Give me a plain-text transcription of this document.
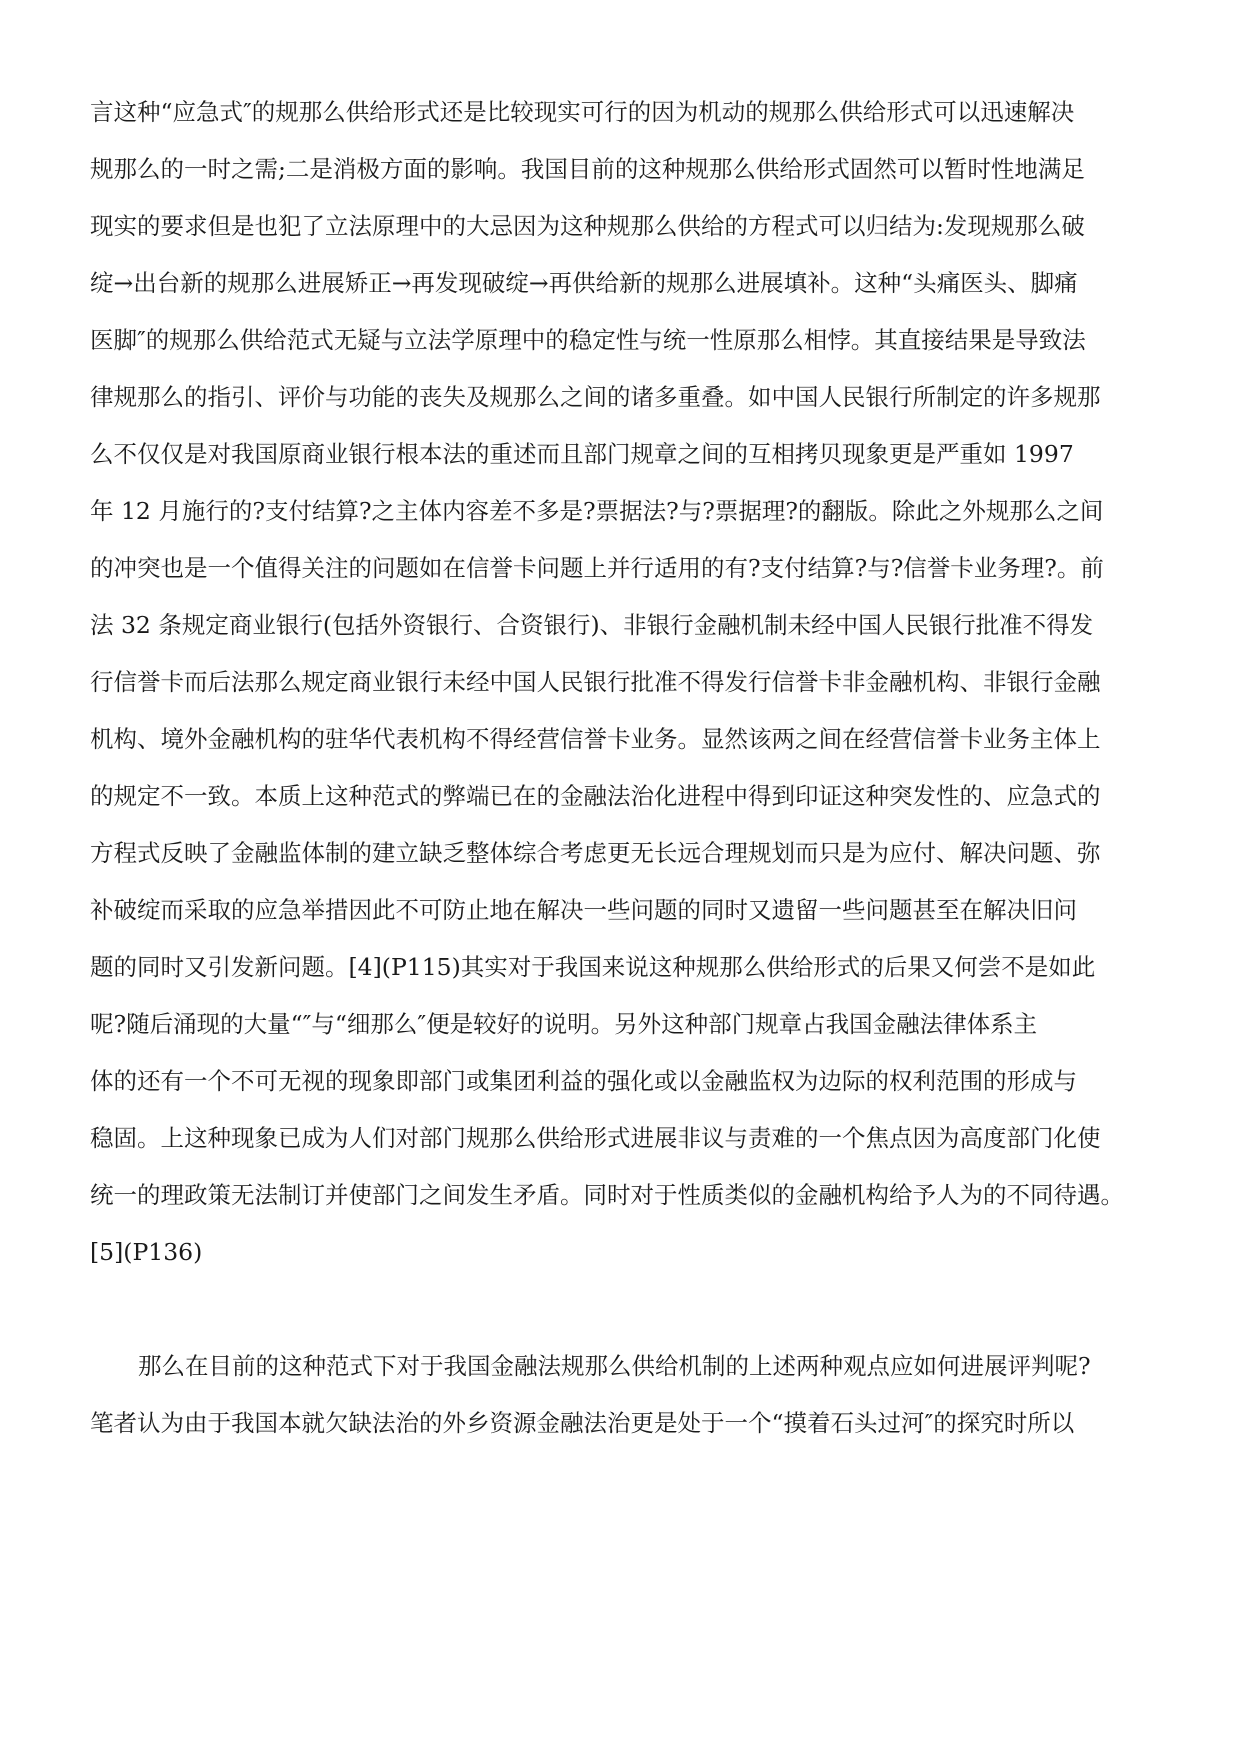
言这种“应急式″的规那么供给形式还是比较现实可行的因为机动的规那么供给形式可以迅速解决
规那么的一时之需;二是消极方面的影响。我国目前的这种规那么供给形式固然可以暂时性地满足
现实的要求但是也犯了立法原理中的大忌因为这种规那么供给的方程式可以归结为:发现规那么破
绽→出台新的规那么进展矫正→再发现破绽→再供给新的规那么进展填补。这种“头痛医头、脚痛
医脚″的规那么供给范式无疑与立法学原理中的稳定性与统一性原那么相悖。其直接结果是导致法
律规那么的指引、评价与功能的丧失及规那么之间的诸多重叠。如中国人民银行所制定的许多规那
么不仅仅是对我国原商业银行根本法的重述而且部门规章之间的互相拷贝现象更是严重如 1997
年 12 月施行的?支付结算?之主体内容差不多是?票据法?与?票据理?的翻版。除此之外规那么之间
的冲突也是一个值得关注的问题如在信誉卡问题上并行适用的有?支付结算?与?信誉卡业务理?。前
法 32 条规定商业银行(包括外资银行、合资银行)、非银行金融机制未经中国人民银行批准不得发
行信誉卡而后法那么规定商业银行未经中国人民银行批准不得发行信誉卡非金融机构、非银行金融
机构、境外金融机构的驻华代表机构不得经营信誉卡业务。显然该两之间在经营信誉卡业务主体上
的规定不一致。本质上这种范式的弊端已在的金融法治化进程中得到印证这种突发性的、应急式的
方程式反映了金融监体制的建立缺乏整体综合考虑更无长远合理规划而只是为应付、解决问题、弥
补破绽而采取的应急举措因此不可防止地在解决一些问题的同时又遗留一些问题甚至在解决旧问
题的同时又引发新问题。[4](P115)其实对于我国来说这种规那么供给形式的后果又何尝不是如此
呢?随后涌现的大量“″与“细那么″便是较好的说明。另外这种部门规章占我国金融法律体系主
体的还有一个不可无视的现象即部门或集团利益的强化或以金融监权为边际的权利范围的形成与
稳固。上这种现象已成为人们对部门规那么供给形式进展非议与责难的一个焦点因为高度部门化使
统一的理政策无法制订并使部门之间发生矛盾。同时对于性质类似的金融机构给予人为的不同待遇。
[5](P136)
那么在目前的这种范式下对于我国金融法规那么供给机制的上述两种观点应如何进展评判呢?
笔者认为由于我国本就欠缺法治的外乡资源金融法治更是处于一个“摸着石头过河″的探究时所以
